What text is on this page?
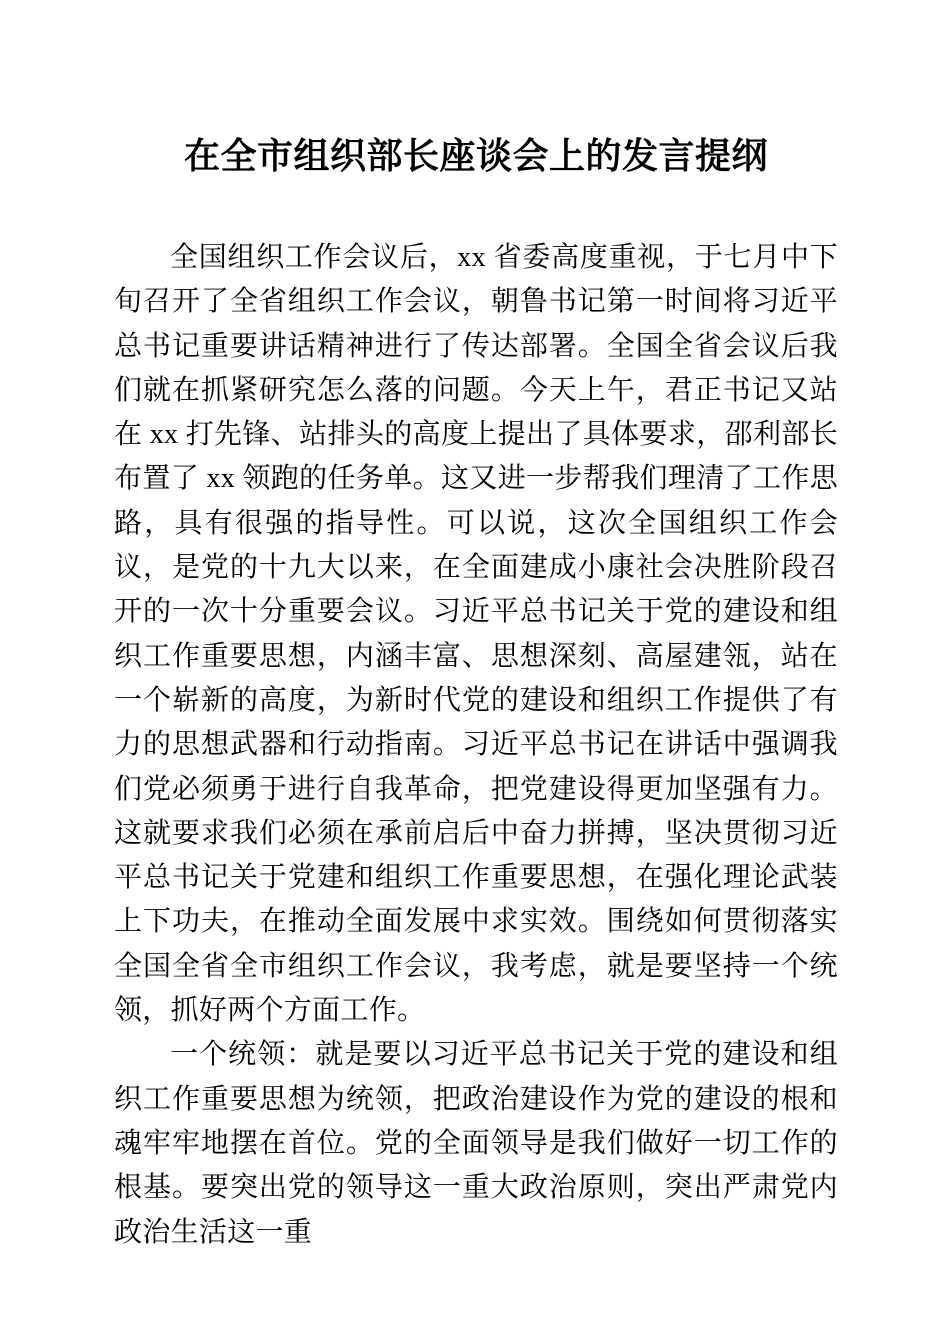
在全市组织部长座谈会上的发言提纲

全国组织工作会议后，xx 省委高度重视，于七月中下旬召开了全省组织工作会议，朝鲁书记第一时间将习近平总书记重要讲话精神进行了传达部署。全国全省会议后我们就在抓紧研究怎么落的问题。今天上午，君正书记又站在 xx 打先锋、站排头的高度上提出了具体要求，邵利部长布置了 xx 领跑的任务单。这又进一步帮我们理清了工作思路，具有很强的指导性。可以说，这次全国组织工作会议，是党的十九大以来，在全面建成小康社会决胜阶段召开的一次十分重要会议。习近平总书记关于党的建设和组织工作重要思想，内涵丰富、思想深刻、高屋建瓴，站在一个崭新的高度，为新时代党的建设和组织工作提供了有力的思想武器和行动指南。习近平总书记在讲话中强调我们党必须勇于进行自我革命，把党建设得更加坚强有力。这就要求我们必须在承前启后中奋力拼搏，坚决贯彻习近平总书记关于党建和组织工作重要思想，在强化理论武装上下功夫，在推动全面发展中求实效。围绕如何贯彻落实全国全省全市组织工作会议，我考虑，就是要坚持一个统领，抓好两个方面工作。

一个统领：就是要以习近平总书记关于党的建设和组织工作重要思想为统领，把政治建设作为党的建设的根和魂牢牢地摆在首位。党的全面领导是我们做好一切工作的根基。要突出党的领导这一重大政治原则，突出严肃党内政治生活这一重
